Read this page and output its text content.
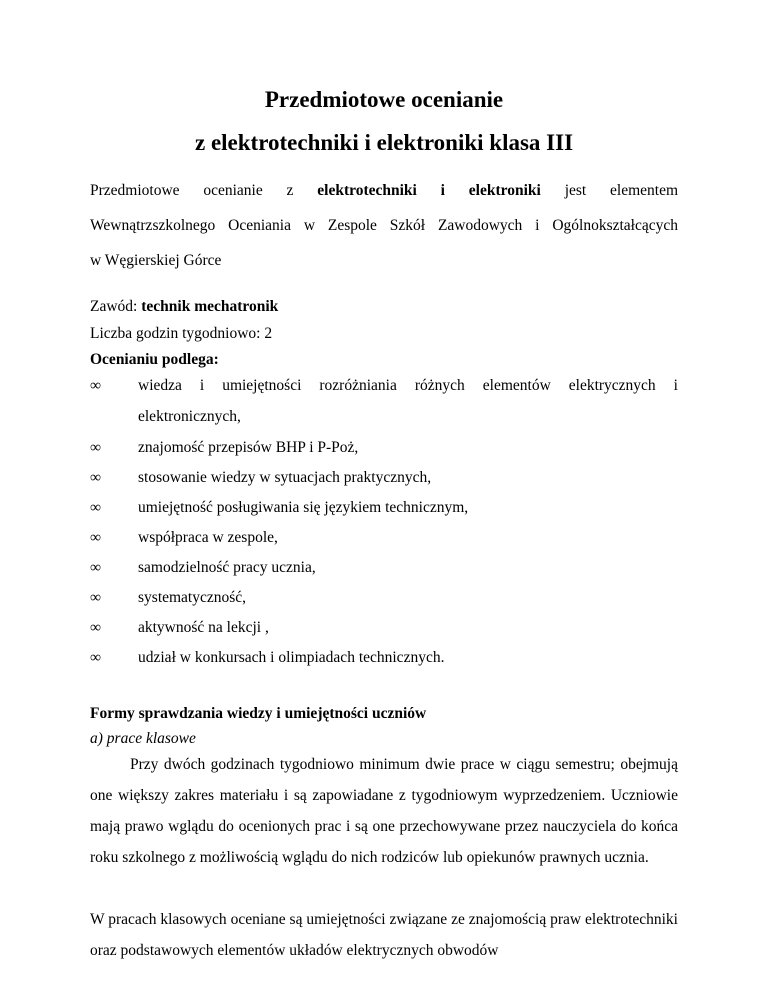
Przedmiotowe ocenianie
z elektrotechniki i elektroniki klasa III

Przedmiotowe ocenianie z elektrotechniki i elektroniki jest elementem

Wewnątrzszkolnego Oceniania w Zespole Szkół Zawodowych i Ogólnokształcących

w Węgierskiej Górce

Zawód: technik mechatronik

Liczba godzin tygodniowo: 2

Ocenianiu podlega:

∞	wiedza i umiejętności rozróżniania różnych elementów elektrycznych i elektronicznych,
∞	znajomość przepisów BHP i P-Poż,
∞	stosowanie wiedzy w sytuacjach praktycznych,
∞	umiejętność posługiwania się językiem technicznym,
∞	współpraca w zespole,
∞	samodzielność pracy ucznia,
∞	systematyczność,
∞	aktywność na lekcji ,
∞	udział w konkursach i olimpiadach technicznych.

Formy sprawdzania wiedzy i umiejętności uczniów

a) prace klasowe

Przy dwóch godzinach tygodniowo minimum dwie prace w ciągu semestru; obejmują one większy zakres materiału i są zapowiadane z tygodniowym wyprzedzeniem. Uczniowie mają prawo wglądu do ocenionych prac i są one przechowywane przez nauczyciela do końca roku szkolnego z możliwością wglądu do nich rodziców lub opiekunów prawnych ucznia.

W pracach klasowych oceniane są umiejętności związane ze znajomością praw elektrotechniki oraz podstawowych elementów układów elektrycznych obwodów
